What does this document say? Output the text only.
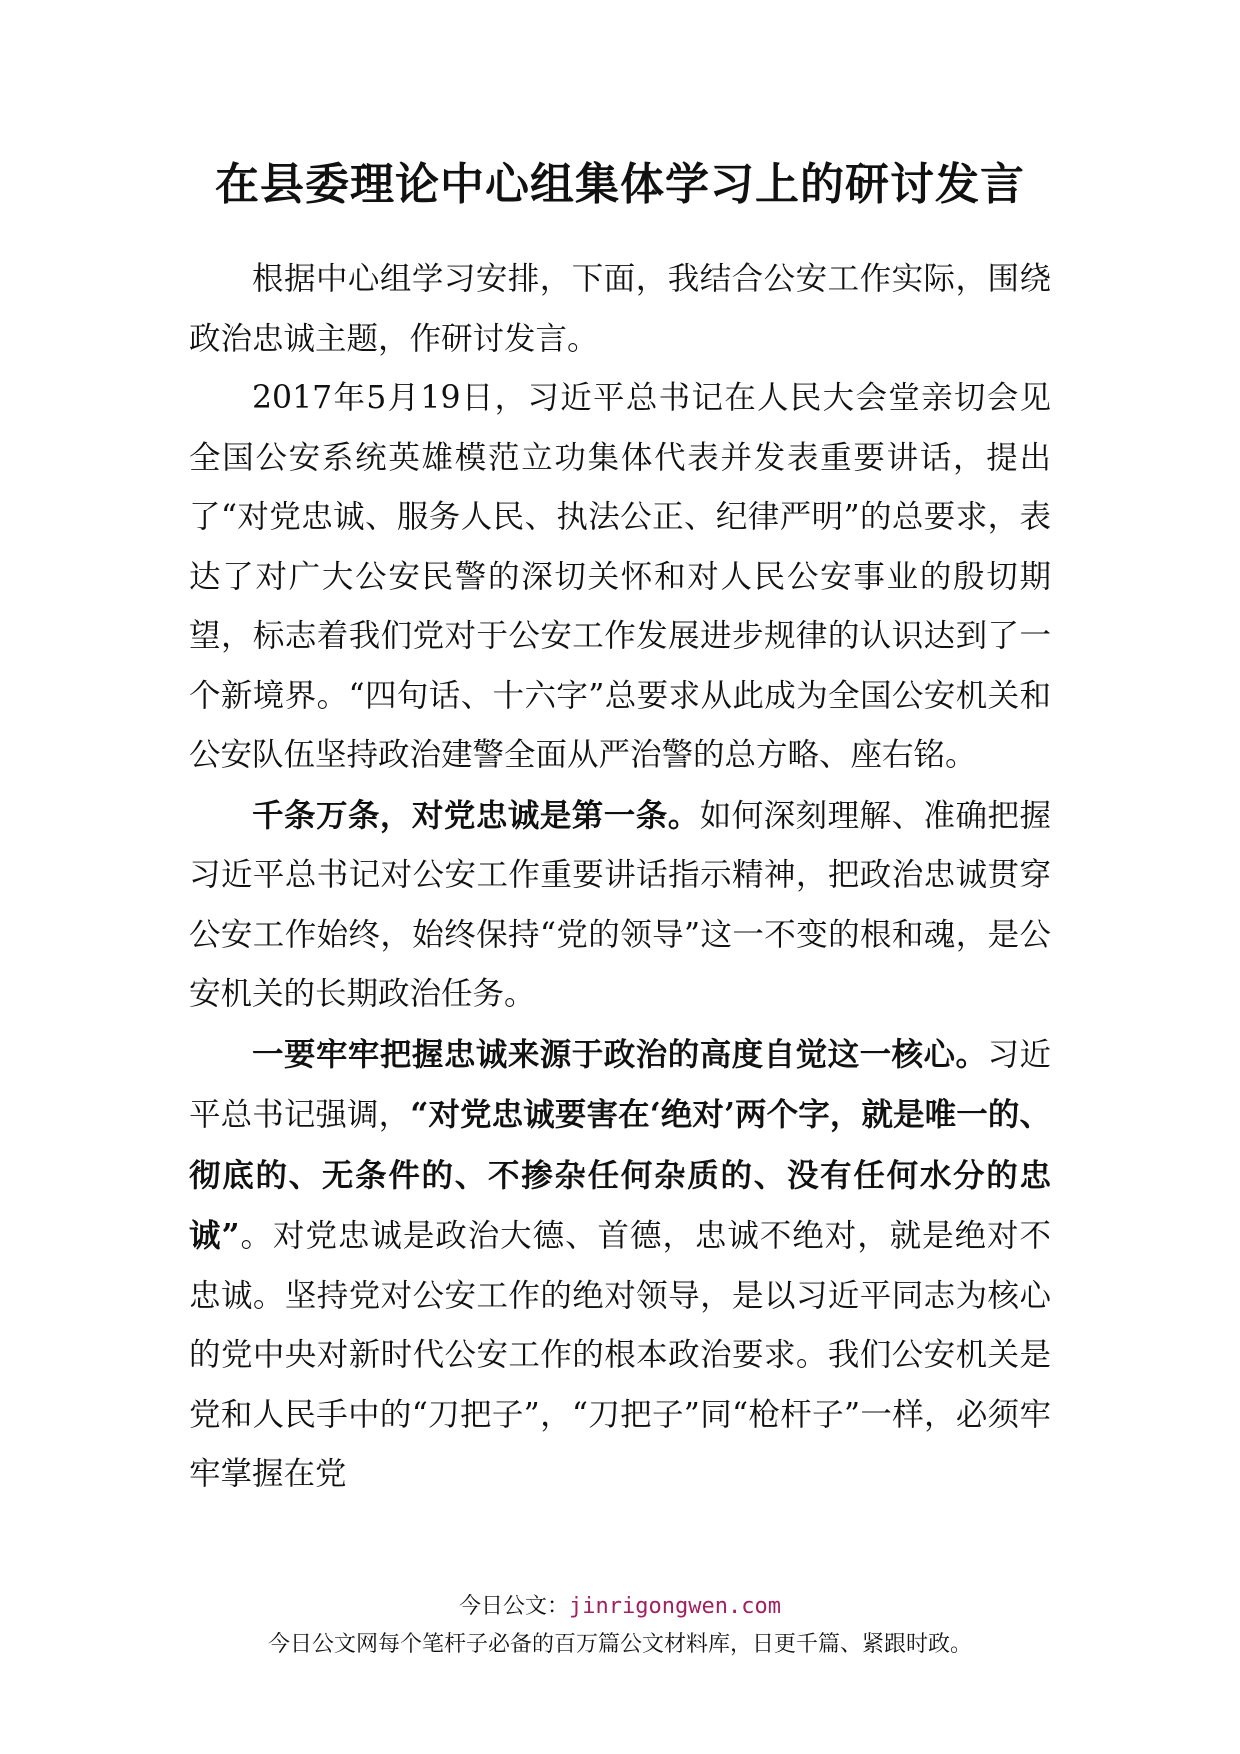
在县委理论中心组集体学习上的研讨发言

根据中心组学习安排，下面，我结合公安工作实际，围绕政治忠诚主题，作研讨发言。

2017年5月19日，习近平总书记在人民大会堂亲切会见全国公安系统英雄模范立功集体代表并发表重要讲话，提出了“对党忠诚、服务人民、执法公正、纪律严明”的总要求，表达了对广大公安民警的深切关怀和对人民公安事业的殷切期望，标志着我们党对于公安工作发展进步规律的认识达到了一个新境界。“四句话、十六字”总要求从此成为全国公安机关和公安队伍坚持政治建警全面从严治警的总方略、座右铭。

千条万条，对党忠诚是第一条。如何深刻理解、准确把握习近平总书记对公安工作重要讲话指示精神，把政治忠诚贯穿公安工作始终，始终保持“党的领导”这一不变的根和魂，是公安机关的长期政治任务。

一要牢牢把握忠诚来源于政治的高度自觉这一核心。习近平总书记强调，“对党忠诚要害在‘绝对’两个字，就是唯一的、彻底的、无条件的、不掺杂任何杂质的、没有任何水分的忠诚”。对党忠诚是政治大德、首德，忠诚不绝对，就是绝对不忠诚。坚持党对公安工作的绝对领导，是以习近平同志为核心的党中央对新时代公安工作的根本政治要求。我们公安机关是党和人民手中的“刀把子”，“刀把子”同“枪杆子”一样，必须牢牢掌握在党

今日公文：jinrigongwen.com
今日公文网每个笔杆子必备的百万篇公文材料库，日更千篇、紧跟时政。
